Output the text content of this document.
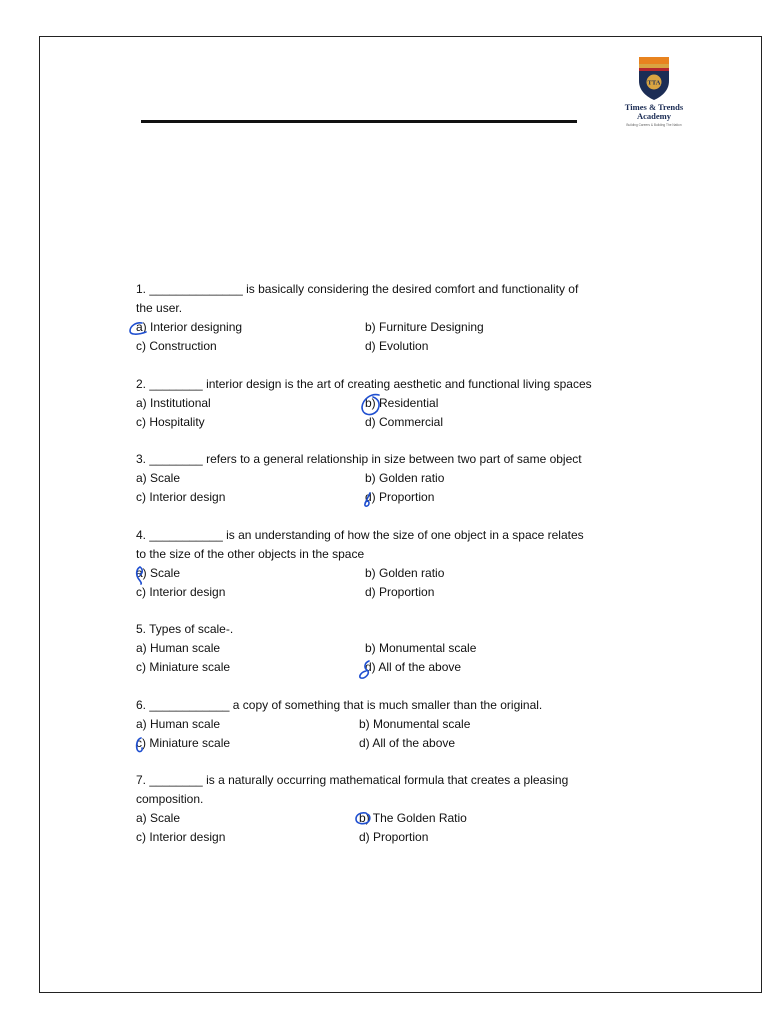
TTA
Times & Trends
Academy
Building Careers & Building The Nation
1. ______________ is basically considering the desired comfort and functionality of the user.
a) Interior designing	b) Furniture Designing
c) Construction	d) Evolution
2. ________ interior design is the art of creating aesthetic and functional living spaces
a) Institutional	b) Residential
c) Hospitality	d) Commercial
3. ________ refers to a general relationship in size between two part of same object
a) Scale	b) Golden ratio
c) Interior design	d) Proportion
4. ___________ is an understanding of how the size of one object in a space relates to the size of the other objects in the space
a) Scale	b) Golden ratio
c) Interior design	d) Proportion
5. Types of scale-.
a) Human scale	b) Monumental scale
c) Miniature scale	d) All of the above
6. ____________ a copy of something that is much smaller than the original.
a) Human scale	b) Monumental scale
c) Miniature scale	d) All of the above
7. ________ is a naturally occurring mathematical formula that creates a pleasing composition.
a) Scale	b) The Golden Ratio
c) Interior design	d) Proportion
